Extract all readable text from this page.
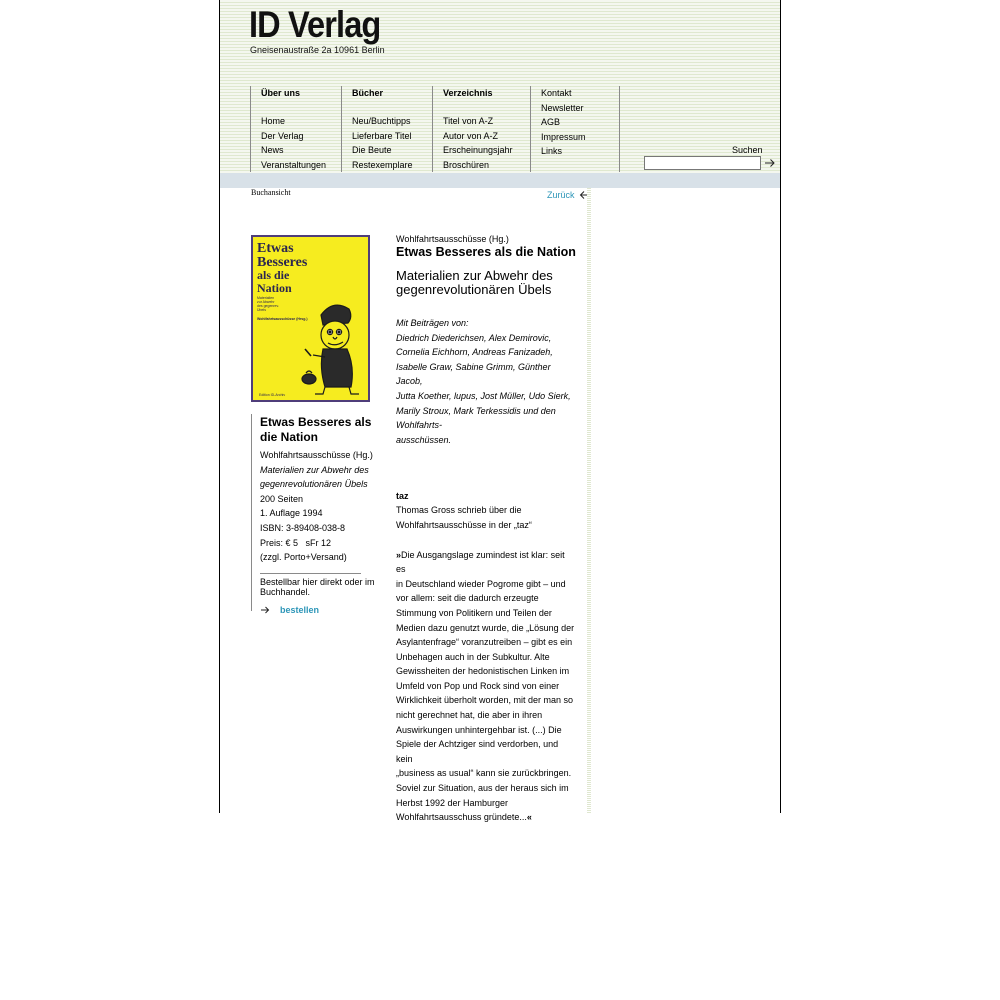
ID Verlag
Gneisenaustraße 2a 10961 Berlin
Über uns
Home
Der Verlag
News
Veranstaltungen
Bücher
Neu/Buchtipps
Lieferbare Titel
Die Beute
Restexemplare
Verzeichnis
Titel von A-Z
Autor von A-Z
Erscheinungsjahr
Broschüren
Kontakt
Newsletter
AGB
Impressum
Links	Suchen
Buchansicht	Zurück
Etwas
Besseres
als die
Nation
Materialien
zur Abwehr
des gegenrev.
Übels
Wohlfahrtsausschüsse (Hrsg.)
Edition ID-Archiv
Etwas Besseres als die Nation
Wohlfahrtsausschüsse (Hg.)
Materialien zur Abwehr des gegenrevolutionären Übels
200 Seiten
1. Auflage 1994
ISBN: 3-89408-038-8
Preis: € 5   sFr 12
(zzgl. Porto+Versand)
Bestellbar hier direkt oder im Buchhandel.
bestellen
Wohlfahrtsausschüsse (Hg.)
Etwas Besseres als die Nation
Materialien zur Abwehr des gegenrevolutionären Übels
Mit Beiträgen von:
Diedrich Diederichsen, Alex Demirovic,
Cornelia Eichhorn, Andreas Fanizadeh,
Isabelle Graw, Sabine Grimm, Günther Jacob,
Jutta Koether, lupus, Jost Müller, Udo Sierk,
Marily Stroux, Mark Terkessidis und den
Wohlfahrts-
ausschüssen.
taz
Thomas Gross schrieb über die
Wohlfahrtsausschüsse in der „taz“
»Die Ausgangslage zumindest ist klar: seit es
in Deutschland wieder Pogrome gibt – und
vor allem: seit die dadurch erzeugte
Stimmung von Politikern und Teilen der
Medien dazu genutzt wurde, die „Lösung der
Asylantenfrage“ voranzutreiben – gibt es ein
Unbehagen auch in der Subkultur. Alte
Gewissheiten der hedonistischen Linken im
Umfeld von Pop und Rock sind von einer
Wirklichkeit überholt worden, mit der man so
nicht gerechnet hat, die aber in ihren
Auswirkungen unhintergehbar ist. (...) Die
Spiele der Achtziger sind verdorben, und kein
„business as usual“ kann sie zurückbringen.
Soviel zur Situation, aus der heraus sich im
Herbst 1992 der Hamburger
Wohlfahrtsausschuss gründete...«
